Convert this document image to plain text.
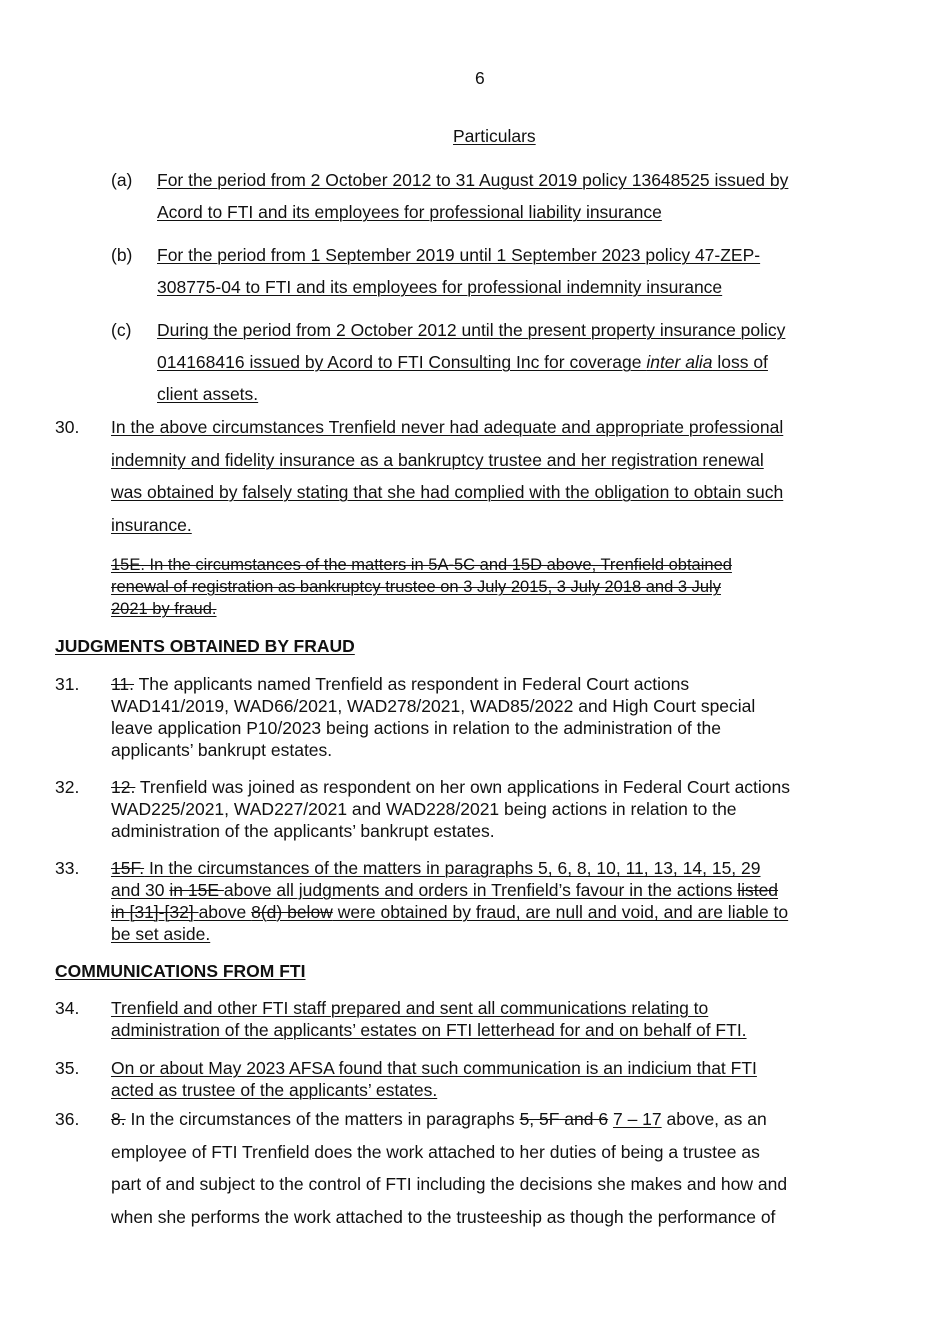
6
Particulars
(a) For the period from 2 October 2012 to 31 August 2019 policy 13648525 issued by
Acord to FTI and its employees for professional liability insurance
(b) For the period from 1 September 2019 until 1 September 2023 policy 47-ZEP-
308775-04 to FTI and its employees for professional indemnity insurance
(c) During the period from 2 October 2012 until the present property insurance policy
014168416 issued by Acord to FTI Consulting Inc for coverage inter alia loss of
client assets.
30. In the above circumstances Trenfield never had adequate and appropriate professional
indemnity and fidelity insurance as a bankruptcy trustee and her registration renewal
was obtained by falsely stating that she had complied with the obligation to obtain such
insurance.
15E. In the circumstances of the matters in 5A-5C and 15D above, Trenfield obtained
renewal of registration as bankruptcy trustee on 3 July 2015, 3 July 2018 and 3 July
2021 by fraud.
JUDGMENTS OBTAINED BY FRAUD
31. 11. The applicants named Trenfield as respondent in Federal Court actions
WAD141/2019, WAD66/2021, WAD278/2021, WAD85/2022 and High Court special
leave application P10/2023 being actions in relation to the administration of the
applicants’ bankrupt estates.
32. 12. Trenfield was joined as respondent on her own applications in Federal Court actions
WAD225/2021, WAD227/2021 and WAD228/2021 being actions in relation to the
administration of the applicants’ bankrupt estates.
33. 15F. In the circumstances of the matters in paragraphs 5, 6, 8, 10, 11, 13, 14, 15, 29
and 30 in 15E above all judgments and orders in Trenfield’s favour in the actions listed
in [31]-[32] above 8(d) below were obtained by fraud, are null and void, and are liable to
be set aside.
COMMUNICATIONS FROM FTI
34. Trenfield and other FTI staff prepared and sent all communications relating to
administration of the applicants’ estates on FTI letterhead for and on behalf of FTI.
35. On or about May 2023 AFSA found that such communication is an indicium that FTI
acted as trustee of the applicants’ estates.
36. 8. In the circumstances of the matters in paragraphs 5, 5F and 6 7 – 17 above, as an
employee of FTI Trenfield does the work attached to her duties of being a trustee as
part of and subject to the control of FTI including the decisions she makes and how and
when she performs the work attached to the trusteeship as though the performance of
